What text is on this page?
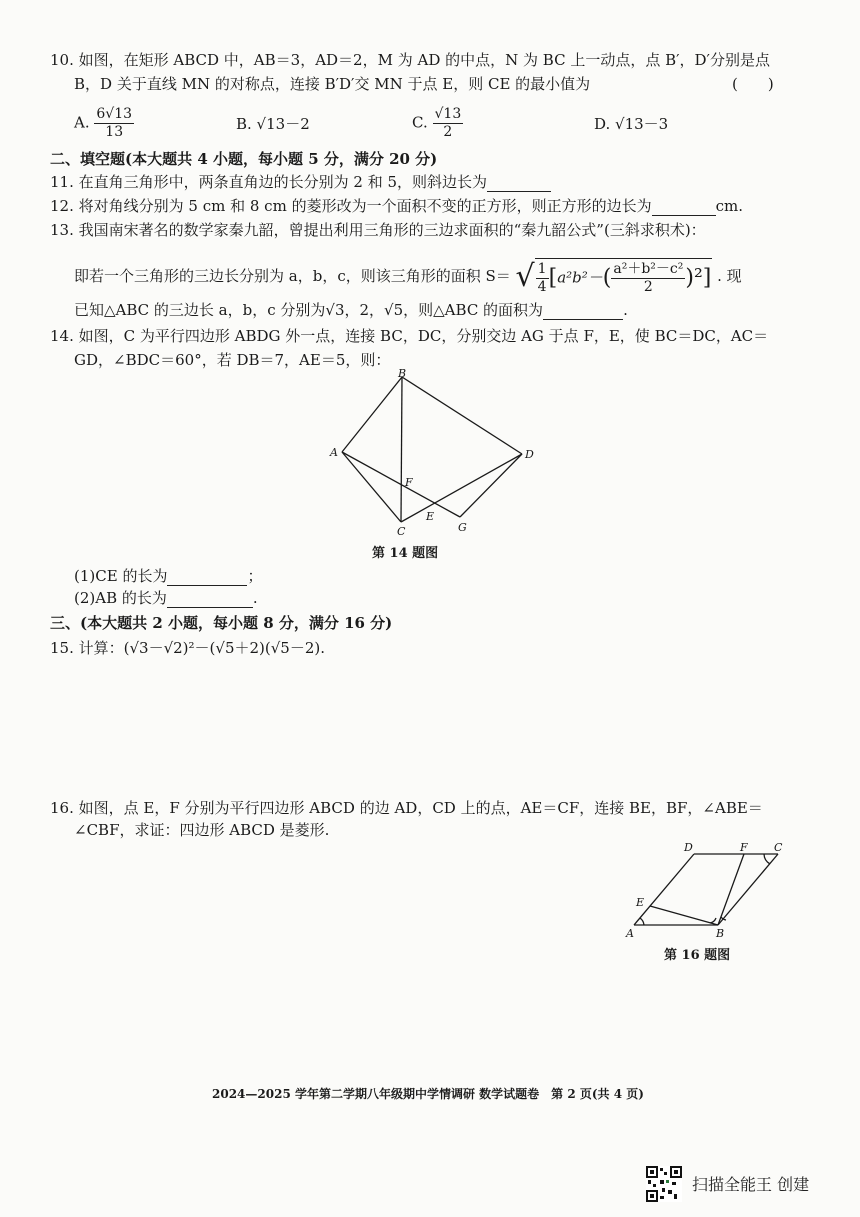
10. 如图，在矩形 ABCD 中，AB＝3，AD＝2，M 为 AD 的中点，N 为 BC 上一动点，点 B′，D′分别是点
B，D 关于直线 MN 的对称点，连接 B′D′交 MN 于点 E，则 CE 的最小值为	(　　)
A. $\frac{6√13}{13}$	B. √13－2	C. $\frac{√13}{2}$	D. √13－3
二、填空题(本大题共 4 小题，每小题 5 分，满分 20 分)
11. 在直角三角形中，两条直角边的长分别为 2 和 5，则斜边长为
12. 将对角线分别为 5 cm 和 8 cm 的菱形改为一个面积不变的正方形，则正方形的边长为	cm.
13. 我国南宋著名的数学家秦九韶，曾提出利用三角形的三边求面积的“秦九韶公式”(三斜求积术)：
即若一个三角形的三边长分别为 a，b，c，则该三角形的面积 S＝ √ $\frac{1}{4} [a^2b^2-( \frac{\text{a²＋b²－c²}}{2} )^2]$ . 现
已知△ABC 的三边长 a，b，c 分别为√3，2，√5，则△ABC 的面积为	.
14. 如图，C 为平行四边形 ABDG 外一点，连接 BC，DC，分别交边 AG 于点 F，E，使 BC＝DC，AC＝
GD，∠BDC＝60°，若 DB＝7，AE＝5，则：
A
B
C
D
E
F
G
第 14 题图
(1)CE 的长为	；
(2)AB 的长为	.
三、(本大题共 2 小题，每小题 8 分，满分 16 分)
15. 计算：(√3－√2)²－(√5＋2)(√5－2).
16. 如图，点 E，F 分别为平行四边形 ABCD 的边 AD，CD 上的点，AE＝CF，连接 BE，BF，∠ABE＝
∠CBF，求证：四边形 ABCD 是菱形.
A	B
C
D
E
F
第 16 题图
2024—2025 学年第二学期八年级期中学情调研 数学试题卷　第 2 页(共 4 页)
扫描全能王 创建
